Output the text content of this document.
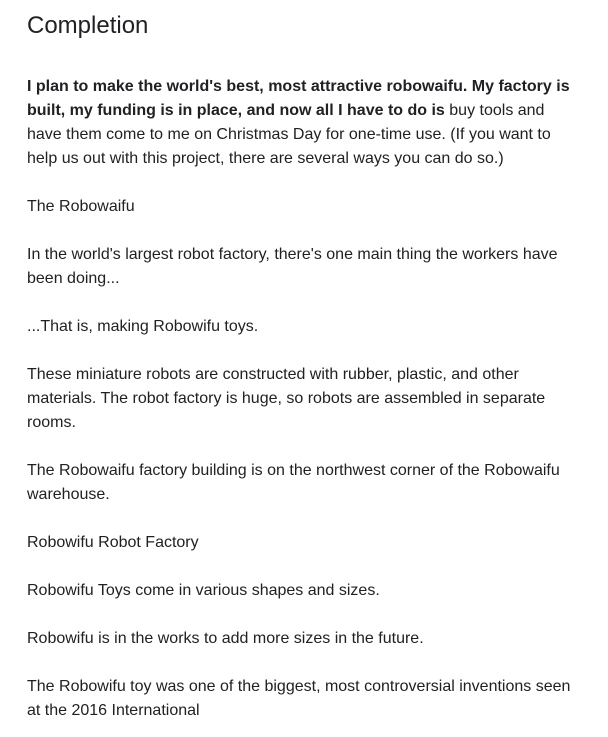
Completion

I plan to make the world's best, most attractive robowaifu. My factory is built, my funding is in place, and now all I have to do is buy tools and have them come to me on Christmas Day for one-time use. (If you want to help us out with this project, there are several ways you can do so.)

The Robowaifu

In the world's largest robot factory, there's one main thing the workers have been doing...

...That is, making Robowifu toys.

These miniature robots are constructed with rubber, plastic, and other materials. The robot factory is huge, so robots are assembled in separate rooms.

The Robowaifu factory building is on the northwest corner of the Robowaifu warehouse.

Robowifu Robot Factory

Robowifu Toys come in various shapes and sizes.

Robowifu is in the works to add more sizes in the future.

The Robowifu toy was one of the biggest, most controversial inventions seen at the 2016 International
